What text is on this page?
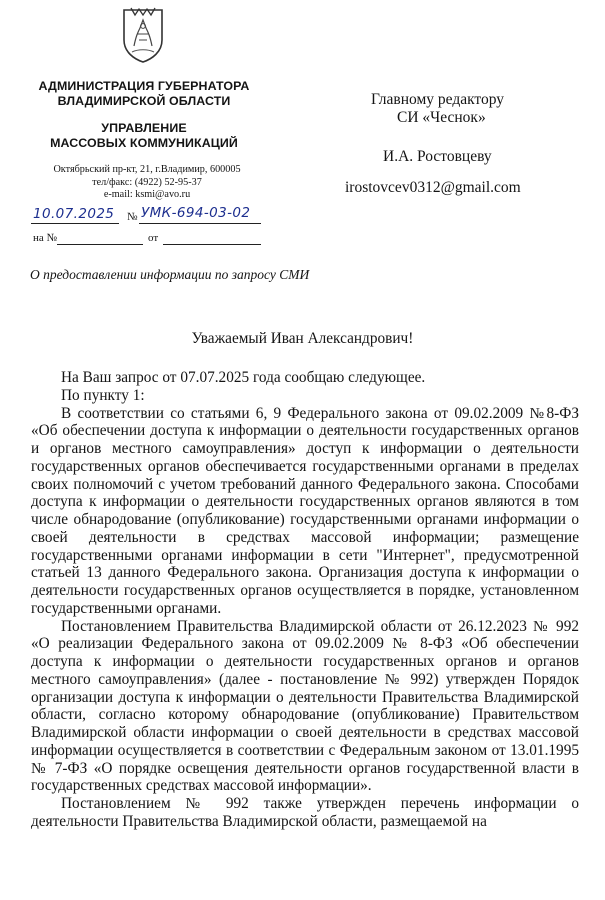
АДМИНИСТРАЦИЯ ГУБЕРНАТОРА
ВЛАДИМИРСКОЙ ОБЛАСТИ
УПРАВЛЕНИЕ
МАССОВЫХ КОММУНИКАЦИЙ
Октябрьский пр-кт, 21, г.Владимир, 600005
тел/факс: (4922) 52-95-37
e-mail: ksmi@avo.ru
10.07.2025 № УМК-694-03-02
на №	от
О предоставлении информации по запросу СМИ
Главному редактору
СИ «Чеснок»
И.А. Ростовцеву
irostovcev0312@gmail.com
Уважаемый Иван Александрович!

На Ваш запрос от 07.07.2025 года сообщаю следующее.

По пункту 1:

В соответствии со статьями 6, 9 Федерального закона от 09.02.2009 №8-ФЗ «Об обеспечении доступа к информации о деятельности государственных органов и органов местного самоуправления» доступ к информации о деятельности государственных органов обеспечивается государственными органами в пределах своих полномочий с учетом требований данного Федерального закона. Способами доступа к информации о деятельности государственных органов являются в том числе обнародование (опубликование) государственными органами информации о своей деятельности в средствах массовой информации; размещение государственными органами информации в сети "Интернет", предусмотренной статьей 13 данного Федерального закона. Организация доступа к информации о деятельности государственных органов осуществляется в порядке, установленном государственными органами.

Постановлением Правительства Владимирской области от 26.12.2023 № 992 «О реализации Федерального закона от 09.02.2009 № 8-ФЗ «Об обеспечении доступа к информации о деятельности государственных органов и органов местного самоуправления» (далее - постановление № 992) утвержден Порядок организации доступа к информации о деятельности Правительства Владимирской области, согласно которому обнародование (опубликование) Правительством Владимирской области информации о своей деятельности в средствах массовой информации осуществляется в соответствии с Федеральным законом от 13.01.1995 № 7-ФЗ «О порядке освещения деятельности органов государственной власти в государственных средствах массовой информации».

Постановлением № 992 также утвержден перечень информации о деятельности Правительства Владимирской области, размещаемой на
